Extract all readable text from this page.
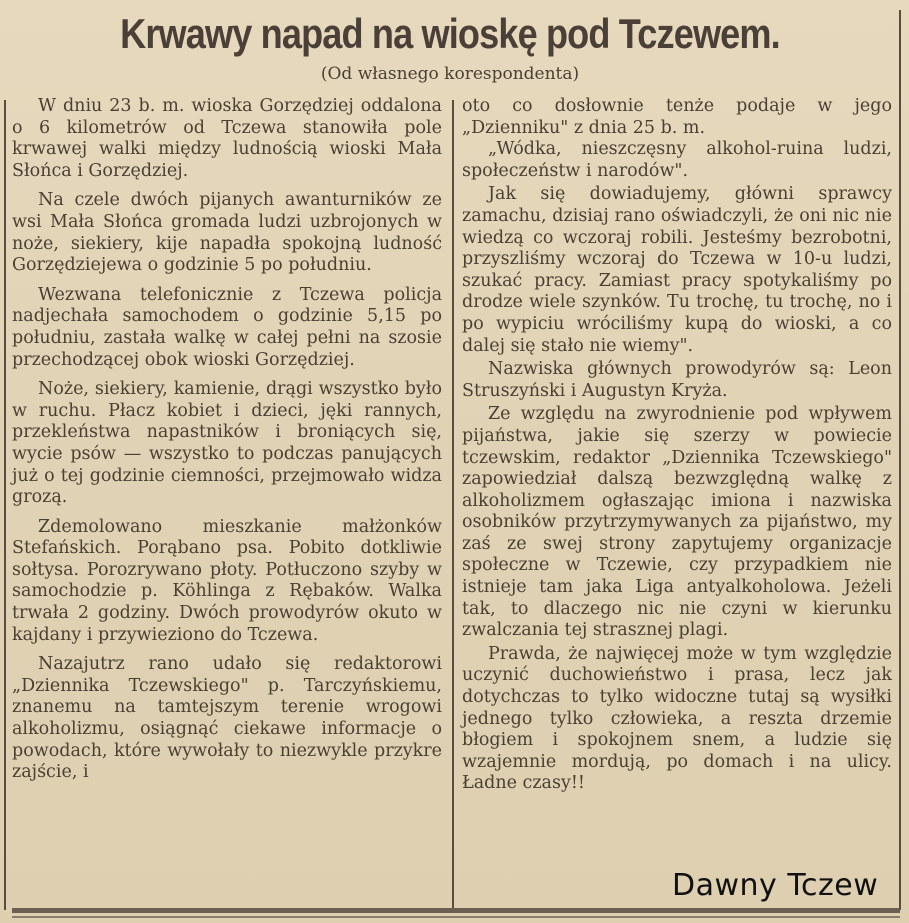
Krwawy napad na wioskę pod Tczewem.
(Od własnego korespondenta)

W dniu 23 b. m. wioska Gorzędziej oddalona o 6 kilometrów od Tczewa stanowiła pole krwawej walki między ludnością wioski Mała Słońca i Gorzędziej.

Na czele dwóch pijanych awanturników ze wsi Mała Słońca gromada ludzi uzbrojonych w noże, siekiery, kije napadła spokojną ludność Gorzędziejewa o godzinie 5 po południu.

Wezwana telefonicznie z Tczewa policja nadjechała samochodem o godzinie 5,15 po południu, zastała walkę w całej pełni na szosie przechodzącej obok wioski Gorzędziej.

Noże, siekiery, kamienie, drągi wszystko było w ruchu. Płacz kobiet i dzieci, jęki rannych, przekleństwa napastników i broniących się, wycie psów — wszystko to podczas panujących już o tej godzinie ciemności, przejmowało widza grozą.

Zdemolowano mieszkanie małżonków Stefańskich. Porąbano psa. Pobito dotkliwie sołtysa. Porozrywano płoty. Potłuczono szyby w samochodzie p. Köhlinga z Rębaków. Walka trwała 2 godziny. Dwóch prowodyrów okuto w kajdany i przywieziono do Tczewa.

Nazajutrz rano udało się redaktorowi „Dziennika Tczewskiego" p. Tarczyńskiemu, znanemu na tamtejszym terenie wrogowi alkoholizmu, osiągnąć ciekawe informacje o powodach, które wywołały to niezwykle przykre zajście, i

oto co dosłownie tenże podaje w jego „Dzienniku" z dnia 25 b. m.

„Wódka, nieszczęsny alkohol-ruina ludzi, społeczeństw i narodów".

Jak się dowiadujemy, główni sprawcy zamachu, dzisiaj rano oświadczyli, że oni nic nie wiedzą co wczoraj robili. Jesteśmy bezrobotni, przyszliśmy wczoraj do Tczewa w 10-u ludzi, szukać pracy. Zamiast pracy spotykaliśmy po drodze wiele szynków. Tu trochę, tu trochę, no i po wypiciu wróciliśmy kupą do wioski, a co dalej się stało nie wiemy".

Nazwiska głównych prowodyrów są: Leon Struszyński i Augustyn Kryża.

Ze względu na zwyrodnienie pod wpływem pijaństwa, jakie się szerzy w powiecie tczewskim, redaktor „Dziennika Tczewskiego" zapowiedział dalszą bezwzględną walkę z alkoholizmem ogłaszając imiona i nazwiska osobników przytrzymywanych za pijaństwo, my zaś ze swej strony zapytujemy organizacje społeczne w Tczewie, czy przypadkiem nie istnieje tam jaka Liga antyalkoholowa. Jeżeli tak, to dlaczego nic nie czyni w kierunku zwalczania tej strasznej plagi.

Prawda, że najwięcej może w tym względzie uczynić duchowieństwo i prasa, lecz jak dotychczas to tylko widoczne tutaj są wysiłki jednego tylko człowieka, a reszta drzemie błogiem i spokojnem snem, a ludzie się wzajemnie mordują, po domach i na ulicy. Ładne czasy!!

Dawny Tczew
